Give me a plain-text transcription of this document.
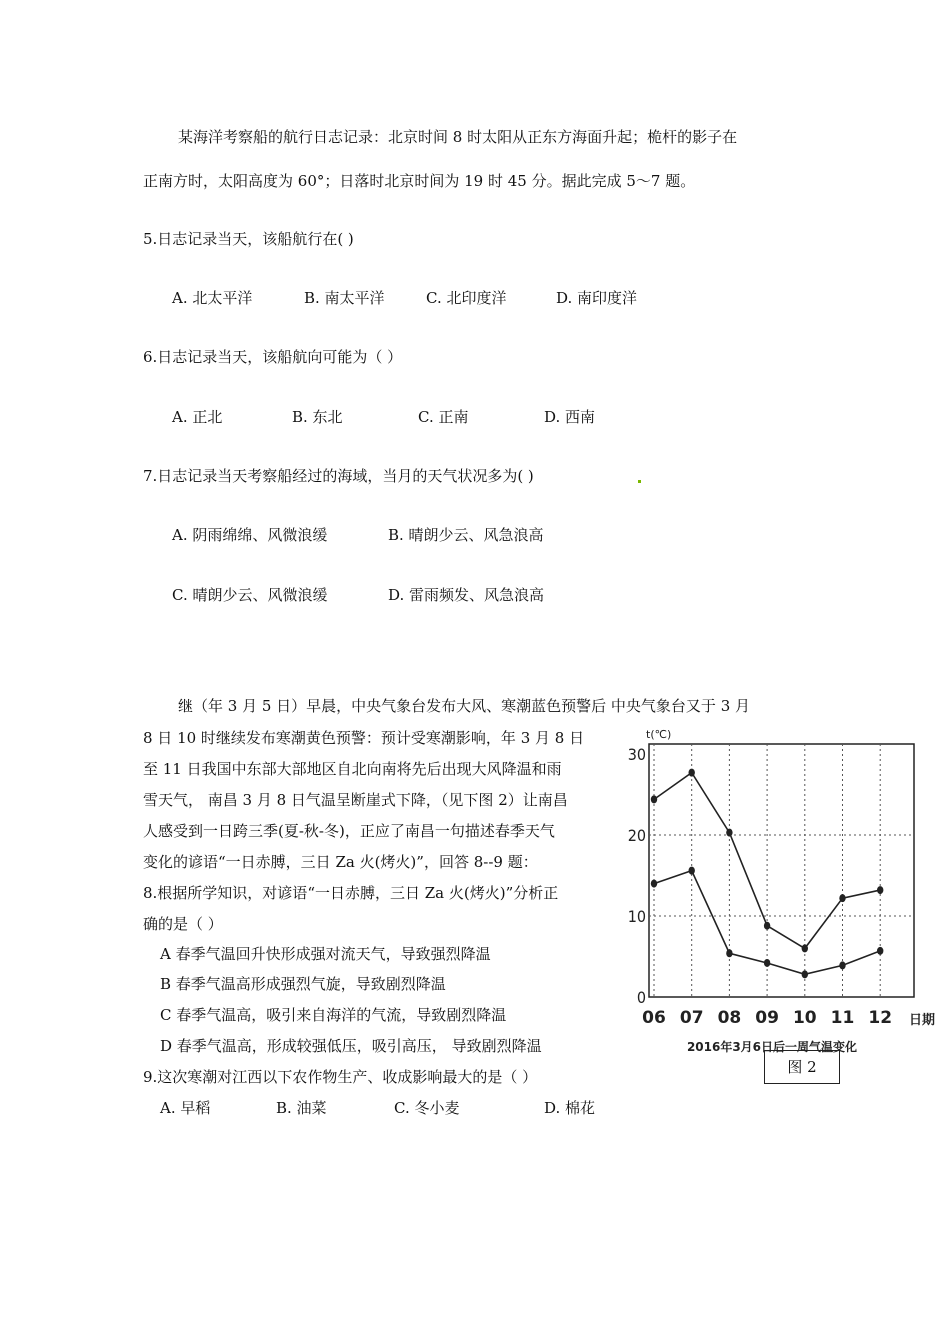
某海洋考察船的航行日志记录：北京时间 8 时太阳从正东方海面升起；桅杆的影子在
正南方时，太阳高度为 60°；日落时北京时间为 19 时 45 分。据此完成 5～7 题。
5.日志记录当天，该船航行在( )
A. 北太平洋	B. 南太平洋	C. 北印度洋	D. 南印度洋
6.日志记录当天，该船航向可能为（ ）
A. 正北	B. 东北	C. 正南	D. 西南
7.日志记录当天考察船经过的海域，当月的天气状况多为( )
A. 阴雨绵绵、风微浪缓	B. 晴朗少云、风急浪高
C. 晴朗少云、风微浪缓	D. 雷雨频发、风急浪高
继（年 3 月 5 日）早晨，中央气象台发布大风、寒潮蓝色预警后 中央气象台又于 3 月
8 日 10 时继续发布寒潮黄色预警：预计受寒潮影响，年 3 月 8 日
至 11 日我国中东部大部地区自北向南将先后出现大风降温和雨
雪天气， 南昌 3 月 8 日气温呈断崖式下降，（见下图 2）让南昌
人感受到一日跨三季(夏-秋-冬)，正应了南昌一句描述春季天气
变化的谚语“一日赤膊，三日 Za 火(烤火)”，回答 8--9 题：
8.根据所学知识，对谚语“一日赤膊，三日 Za 火(烤火)”分析正
确的是（ ）
A 春季气温回升快形成强对流天气，导致强烈降温
B 春季气温高形成强烈气旋，导致剧烈降温
C 春季气温高，吸引来自海洋的气流，导致剧烈降温
D 春季气温高，形成较强低压，吸引高压， 导致剧烈降温
9.这次寒潮对江西以下农作物生产、收成影响最大的是（ ）
A. 早稻	B. 油菜	C. 冬小麦	D. 棉花
0
10
20
30
06 07 08 09 10 11 12
t(℃)
日期
2016年3月6日后一周气温变化
图 2
